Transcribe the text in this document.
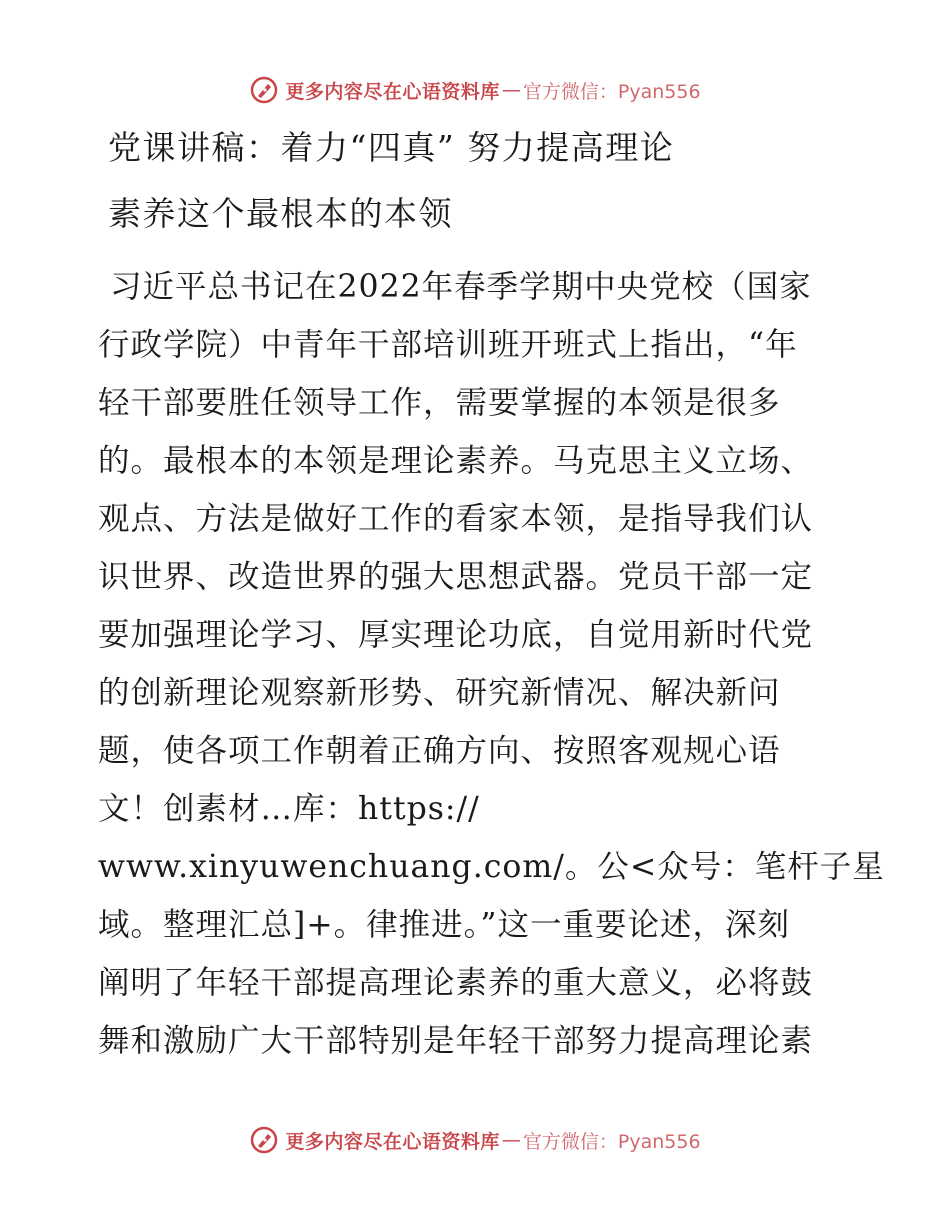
更多内容尽在心语资料库 — 官方微信：Pyan556
党课讲稿：着力“四真” 努力提高理论
素养这个最根本的本领
习近平总书记在2022年春季学期中央党校（国家
行政学院）中青年干部培训班开班式上指出，“年
轻干部要胜任领导工作，需要掌握的本领是很多
的。最根本的本领是理论素养。马克思主义立场、
观点、方法是做好工作的看家本领，是指导我们认
识世界、改造世界的强大思想武器。党员干部一定
要加强理论学习、厚实理论功底，自觉用新时代党
的创新理论观察新形势、研究新情况、解决新问
题，使各项工作朝着正确方向、按照客观规心语
文！创素材…库：https://
www.xinyuwenchuang.com/。公<众号：笔杆子星
域。整理汇总]+。律推进。”这一重要论述，深刻
阐明了年轻干部提高理论素养的重大意义，必将鼓
舞和激励广大干部特别是年轻干部努力提高理论素
更多内容尽在心语资料库 — 官方微信：Pyan556
